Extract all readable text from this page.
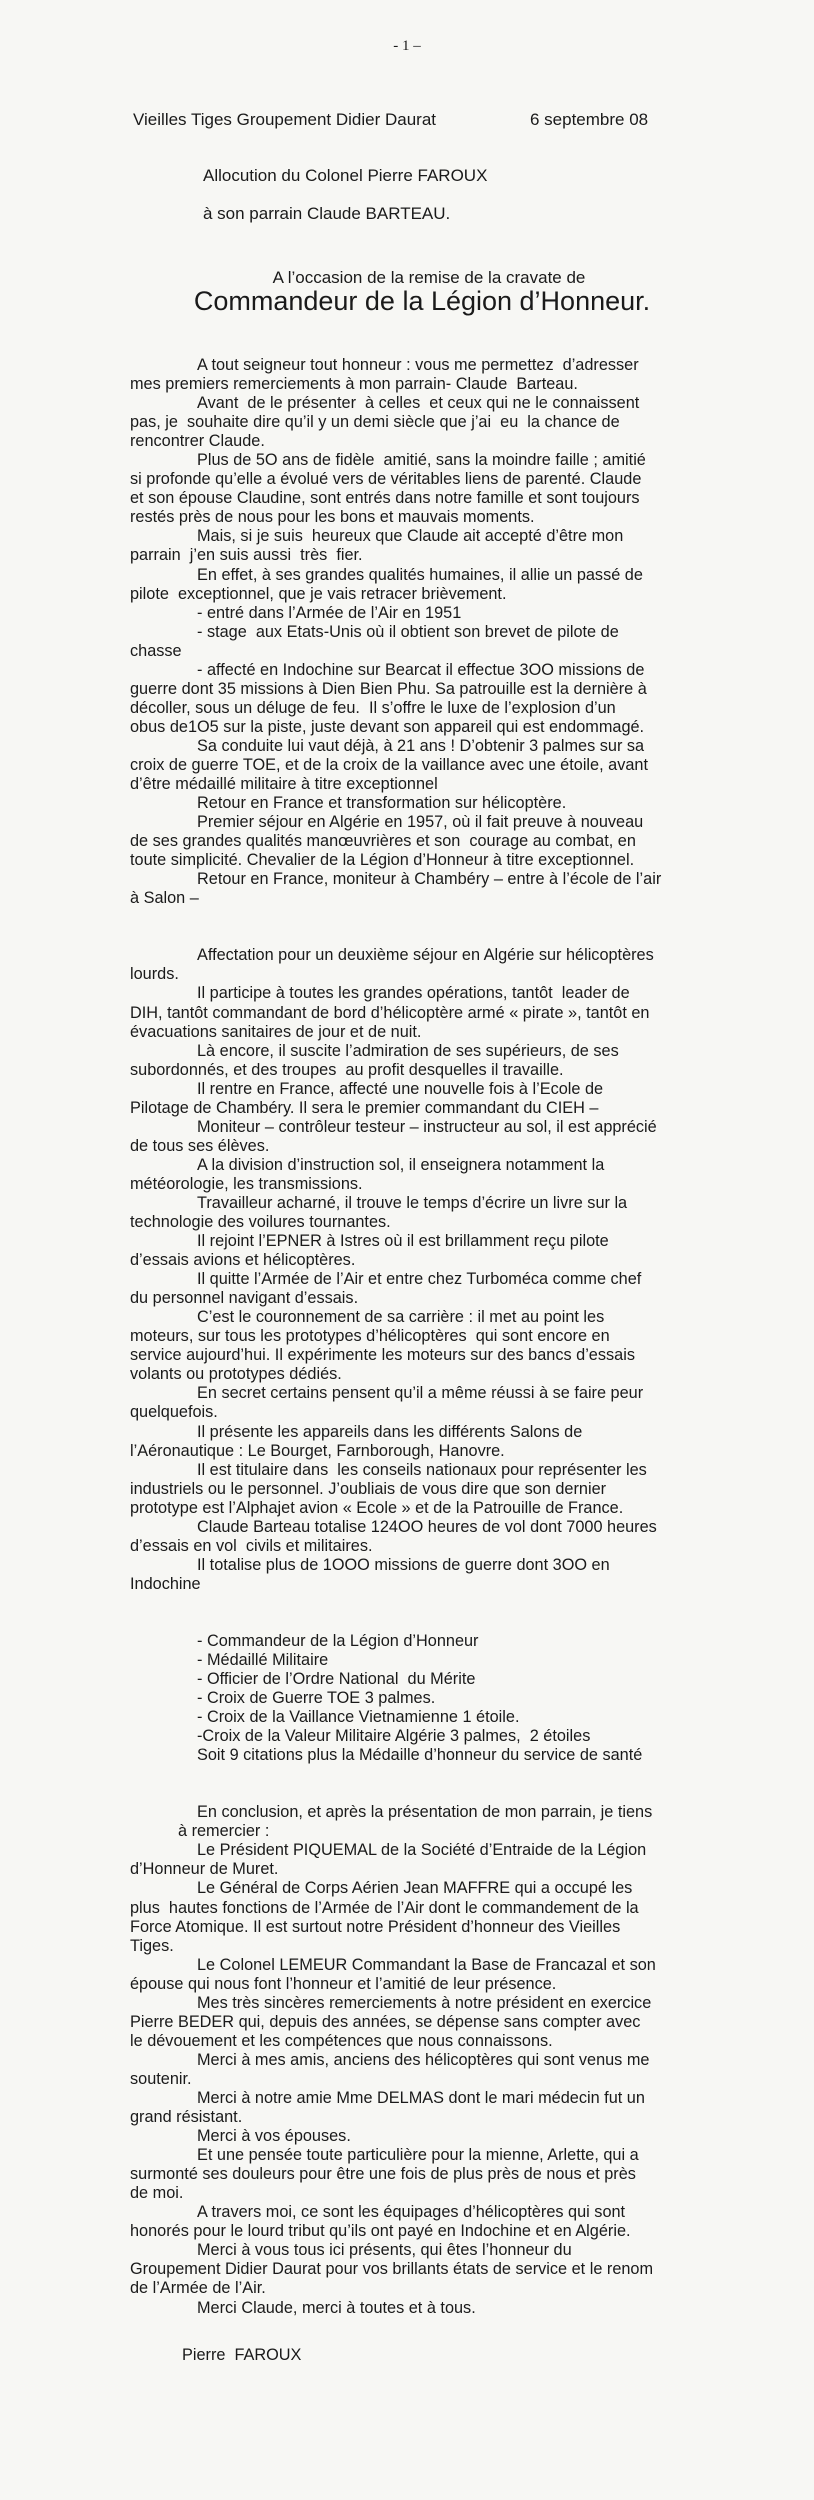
- 1 –
Vieilles Tiges Groupement Didier Daurat	6 septembre 08
Allocution du Colonel Pierre FAROUX
à son parrain Claude BARTEAU.
A l’occasion de la remise de la cravate de
Commandeur de la Légion d’Honneur.
A tout seigneur tout honneur : vous me permettez  d’adresser
mes premiers remerciements à mon parrain- Claude  Barteau.
Avant  de le présenter  à celles  et ceux qui ne le connaissent
pas, je  souhaite dire qu’il y un demi siècle que j’ai  eu  la chance de
rencontrer Claude.
Plus de 5O ans de fidèle  amitié, sans la moindre faille ; amitié
si profonde qu’elle a évolué vers de véritables liens de parenté. Claude
et son épouse Claudine, sont entrés dans notre famille et sont toujours
restés près de nous pour les bons et mauvais moments.
Mais, si je suis  heureux que Claude ait accepté d’être mon
parrain  j’en suis aussi  très  fier.
En effet, à ses grandes qualités humaines, il allie un passé de
pilote  exceptionnel, que je vais retracer brièvement.
- entré dans l’Armée de l’Air en 1951
- stage  aux Etats-Unis où il obtient son brevet de pilote de
chasse
- affecté en Indochine sur Bearcat il effectue 3OO missions de
guerre dont 35 missions à Dien Bien Phu. Sa patrouille est la dernière à
décoller, sous un déluge de feu.  Il s’offre le luxe de l’explosion d’un
obus de1O5 sur la piste, juste devant son appareil qui est endommagé.
Sa conduite lui vaut déjà, à 21 ans ! D’obtenir 3 palmes sur sa
croix de guerre TOE, et de la croix de la vaillance avec une étoile, avant
d’être médaillé militaire à titre exceptionnel
Retour en France et transformation sur hélicoptère.
Premier séjour en Algérie en 1957, où il fait preuve à nouveau
de ses grandes qualités manœuvrières et son  courage au combat, en
toute simplicité. Chevalier de la Légion d’Honneur à titre exceptionnel.
Retour en France, moniteur à Chambéry – entre à l’école de l’air
à Salon –
Affectation pour un deuxième séjour en Algérie sur hélicoptères
lourds.
Il participe à toutes les grandes opérations, tantôt  leader de
DIH, tantôt commandant de bord d’hélicoptère armé « pirate », tantôt en
évacuations sanitaires de jour et de nuit.
Là encore, il suscite l’admiration de ses supérieurs, de ses
subordonnés, et des troupes  au profit desquelles il travaille.
Il rentre en France, affecté une nouvelle fois à l’Ecole de
Pilotage de Chambéry. Il sera le premier commandant du CIEH –
Moniteur – contrôleur testeur – instructeur au sol, il est apprécié
de tous ses élèves.
A la division d’instruction sol, il enseignera notamment la
météorologie, les transmissions.
Travailleur acharné, il trouve le temps d’écrire un livre sur la
technologie des voilures tournantes.
Il rejoint l’EPNER à Istres où il est brillamment reçu pilote
d’essais avions et hélicoptères.
Il quitte l’Armée de l’Air et entre chez Turboméca comme chef
du personnel navigant d’essais.
C’est le couronnement de sa carrière : il met au point les
moteurs, sur tous les prototypes d’hélicoptères  qui sont encore en
service aujourd’hui. Il expérimente les moteurs sur des bancs d’essais
volants ou prototypes dédiés.
En secret certains pensent qu’il a même réussi à se faire peur
quelquefois.
Il présente les appareils dans les différents Salons de
l’Aéronautique : Le Bourget, Farnborough, Hanovre.
Il est titulaire dans  les conseils nationaux pour représenter les
industriels ou le personnel. J’oubliais de vous dire que son dernier
prototype est l’Alphajet avion « Ecole » et de la Patrouille de France.
Claude Barteau totalise 124OO heures de vol dont 7000 heures
d’essais en vol  civils et militaires.
Il totalise plus de 1OOO missions de guerre dont 3OO en
Indochine
- Commandeur de la Légion d’Honneur
- Médaillé Militaire
- Officier de l’Ordre National  du Mérite
- Croix de Guerre TOE 3 palmes.
- Croix de la Vaillance Vietnamienne 1 étoile.
-Croix de la Valeur Militaire Algérie 3 palmes,  2 étoiles
Soit 9 citations plus la Médaille d’honneur du service de santé
En conclusion, et après la présentation de mon parrain, je tiens
à remercier :
Le Président PIQUEMAL de la Société d’Entraide de la Légion
d’Honneur de Muret.
Le Général de Corps Aérien Jean MAFFRE qui a occupé les
plus  hautes fonctions de l’Armée de l’Air dont le commandement de la
Force Atomique. Il est surtout notre Président d’honneur des Vieilles
Tiges.
Le Colonel LEMEUR Commandant la Base de Francazal et son
épouse qui nous font l’honneur et l’amitié de leur présence.
Mes très sincères remerciements à notre président en exercice
Pierre BEDER qui, depuis des années, se dépense sans compter avec
le dévouement et les compétences que nous connaissons.
Merci à mes amis, anciens des hélicoptères qui sont venus me
soutenir.
Merci à notre amie Mme DELMAS dont le mari médecin fut un
grand résistant.
Merci à vos épouses.
Et une pensée toute particulière pour la mienne, Arlette, qui a
surmonté ses douleurs pour être une fois de plus près de nous et près
de moi.
A travers moi, ce sont les équipages d’hélicoptères qui sont
honorés pour le lourd tribut qu’ils ont payé en Indochine et en Algérie.
Merci à vous tous ici présents, qui êtes l’honneur du
Groupement Didier Daurat pour vos brillants états de service et le renom
de l’Armée de l’Air.
Merci Claude, merci à toutes et à tous.
Pierre  FAROUX
